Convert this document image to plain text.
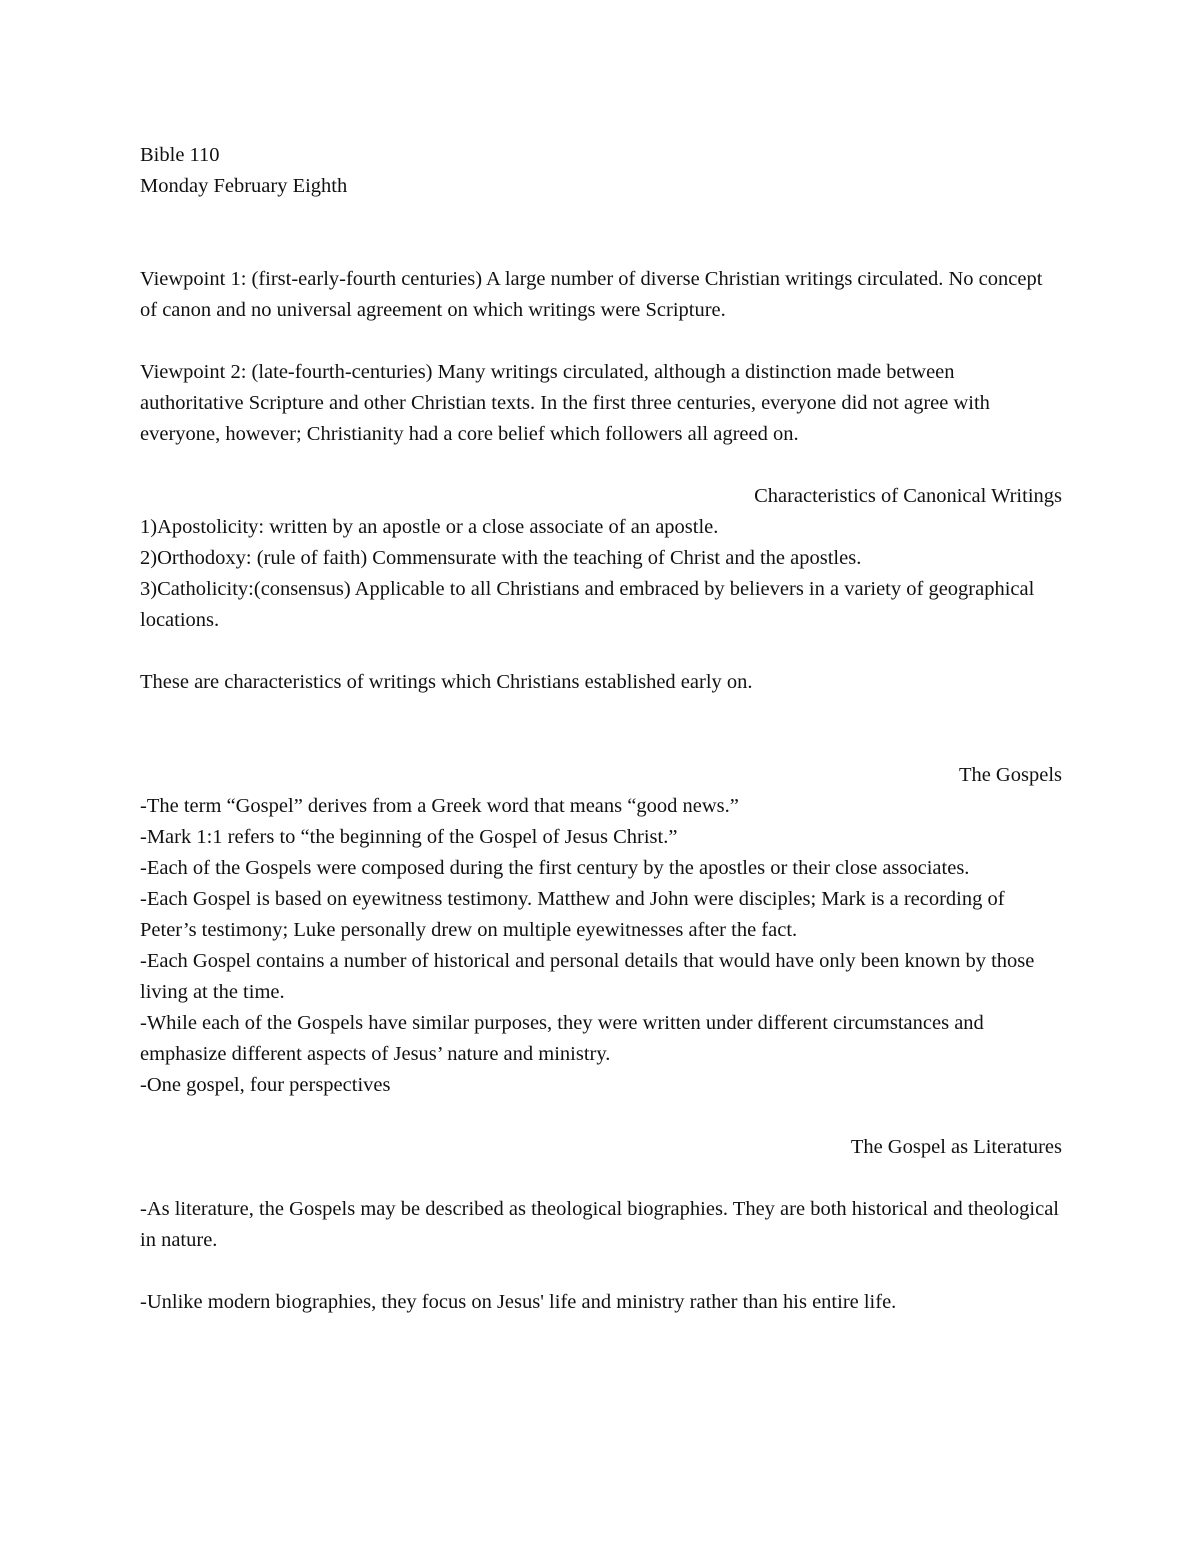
Bible 110
Monday February Eighth

Viewpoint 1: (first-early-fourth centuries) A large number of diverse Christian writings circulated. No concept of canon and no universal agreement on which writings were Scripture.

Viewpoint 2: (late-fourth-centuries) Many writings circulated, although a distinction made between authoritative Scripture and other Christian texts. In the first three centuries, everyone did not agree with everyone, however; Christianity had a core belief which followers all agreed on.

Characteristics of Canonical Writings
1)Apostolicity: written by an apostle or a close associate of an apostle.
2)Orthodoxy: (rule of faith) Commensurate with the teaching of Christ and the apostles.
3)Catholicity:(consensus) Applicable to all Christians and embraced by believers in a variety of geographical locations.

These are characteristics of writings which Christians established early on.

The Gospels
-The term “Gospel” derives from a Greek word that means “good news.”
-Mark 1:1 refers to “the beginning of the Gospel of Jesus Christ.”
-Each of the Gospels were composed during the first century by the apostles or their close associates.
-Each Gospel is based on eyewitness testimony. Matthew and John were disciples; Mark is a recording of Peter’s testimony; Luke personally drew on multiple eyewitnesses after the fact.
-Each Gospel contains a number of historical and personal details that would have only been known by those living at the time.
-While each of the Gospels have similar purposes, they were written under different circumstances and emphasize different aspects of Jesus’ nature and ministry.
-One gospel, four perspectives
The Gospel as Literatures

-As literature, the Gospels may be described as theological biographies. They are both historical and theological in nature.

-Unlike modern biographies, they focus on Jesus' life and ministry rather than his entire life.
